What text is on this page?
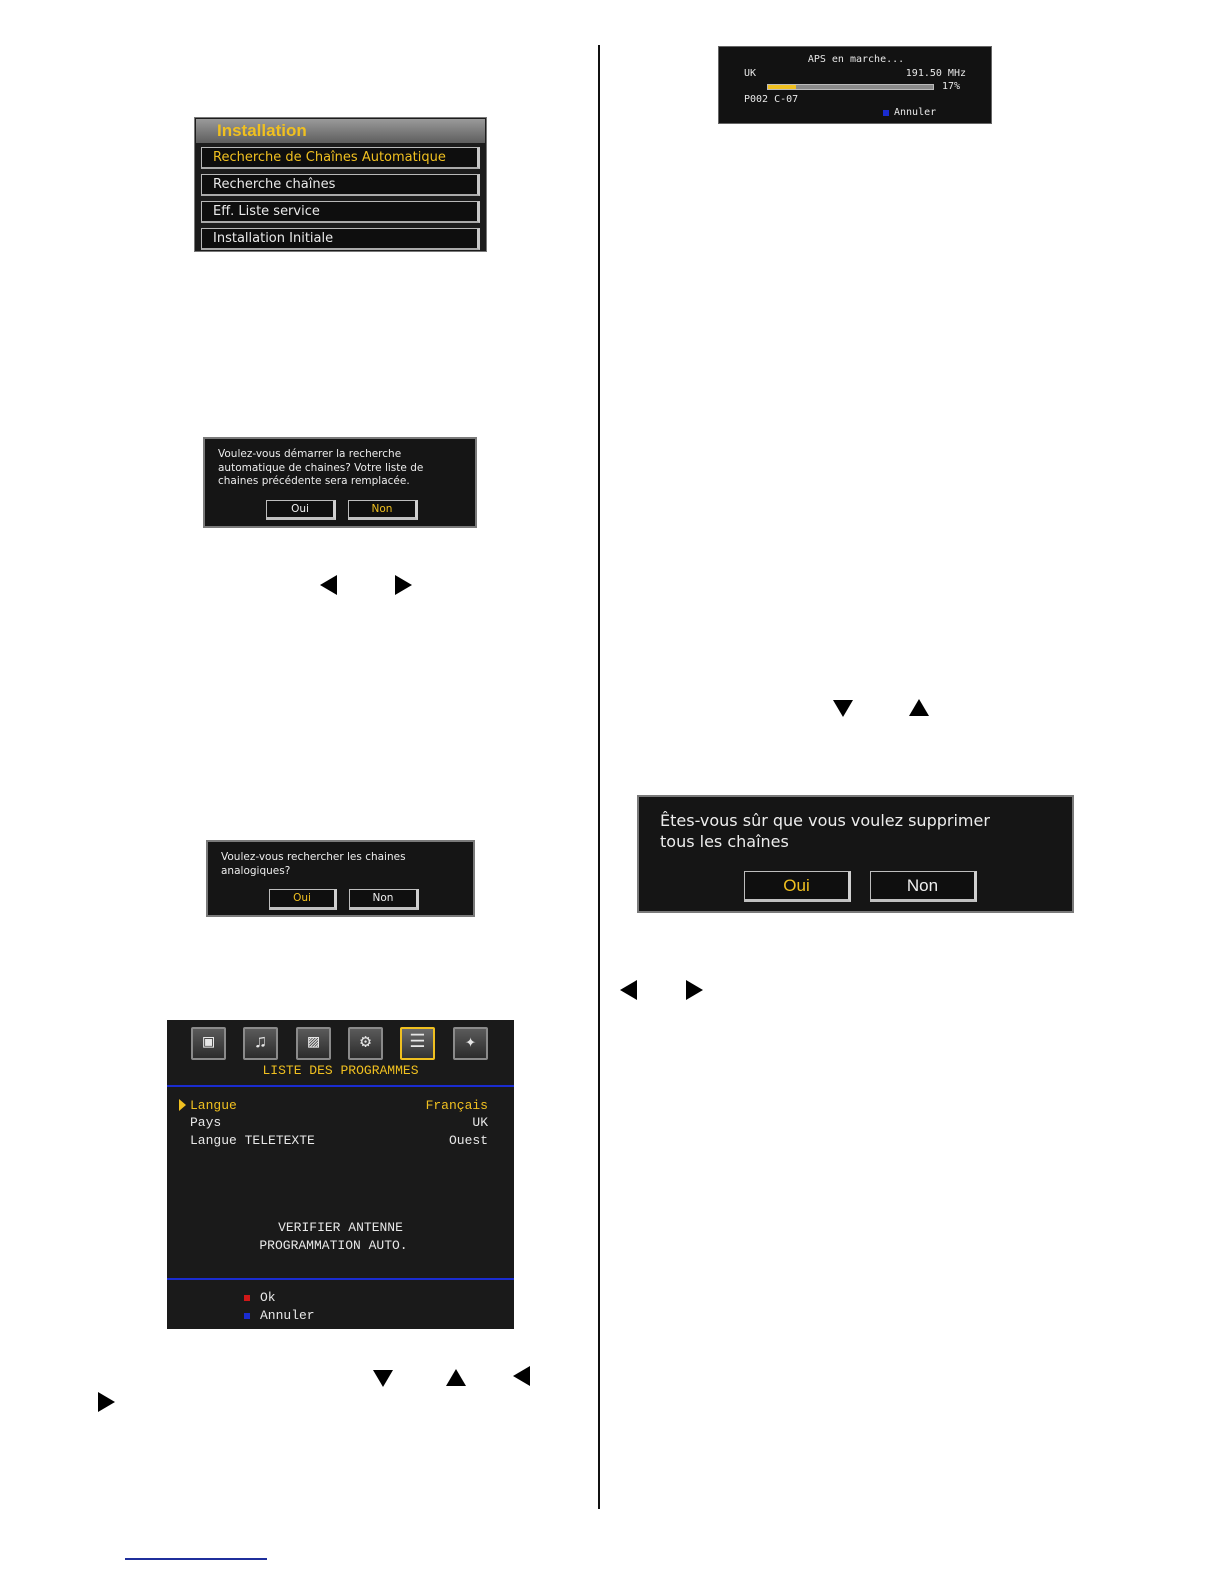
Installation
Recherche de Chaînes Automatique
Recherche chaînes
Eff. Liste service
Installation Initiale
Voulez-vous démarrer la recherche automatique de chaines? Votre liste de chaines précédente sera remplacée.
Oui	Non
Voulez-vous rechercher les chaines analogiques?
Oui	Non
▣	♫	▨	⚙	☰	✦
LISTE DES PROGRAMMES
Langue	Français
Pays	UK
Langue TELETEXTE	Ouest
VERIFIER ANTENNE
PROGRAMMATION AUTO.
Ok
Annuler
APS en marche...
UK	191.50 MHz
17%
P002 C-07
Annuler
Êtes-vous sûr que vous voulez supprimer
tous les chaînes
Oui	Non
